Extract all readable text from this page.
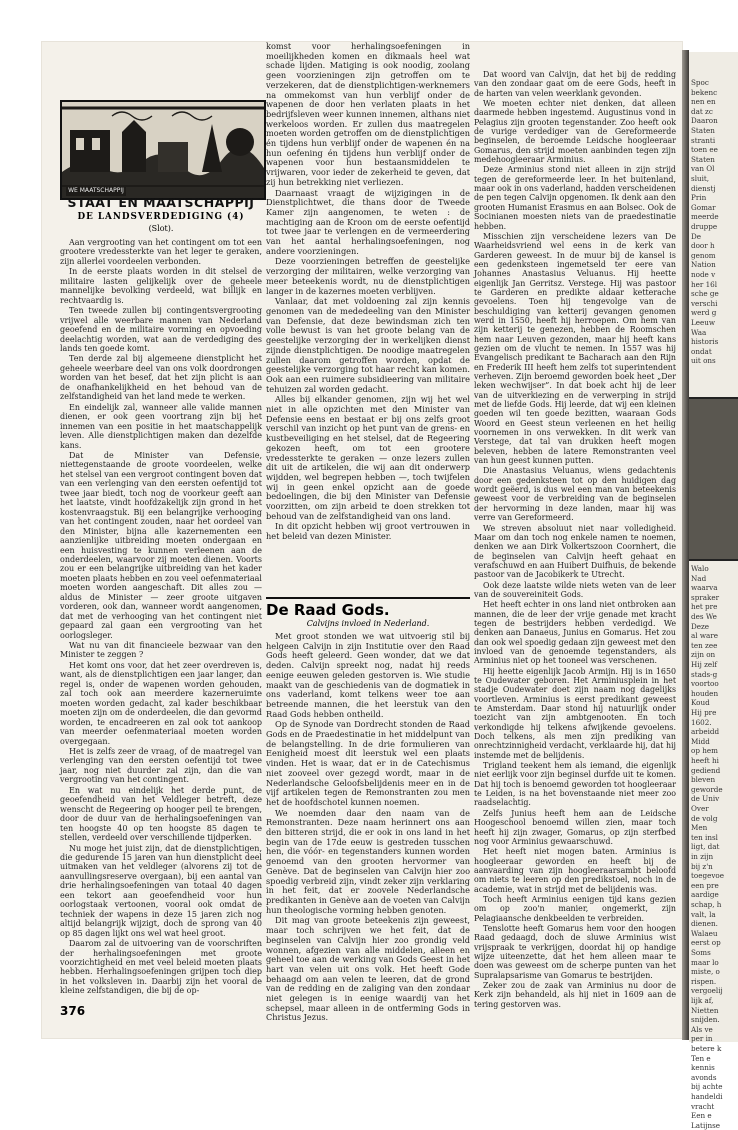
WE MAATSCHAPPIJ
STAAT EN MAATSCHAPPIJ
DE LANDSVERDEDIGING (4)
(Slot).

Aan vergrooting van het contingent om tot een grootere vredessterkte van het leger te geraken, zijn allerlei voordeelen verbonden.

In de eerste plaats worden in dit stelsel de militaire lasten gelijkelijk over de geheele mannelijke bevolking verdeeld, wat billijk en rechtvaardig is.

Ten tweede zullen bij contingentsvergrooting vrijwel alle weerbare mannen van Nederland geoefend en de militaire vorming en opvoeding deelachtig worden, wat aan de verdediging des lands ten goede komt.

Ten derde zal bij algemeene dienstplicht het geheele weerbare deel van ons volk doordrongen worden van het besef, dat het zijn plicht is aan de onafhankelijkheid en het behoud van de zelfstandigheid van het land mede te werken.

En eindelijk zal, wanneer alle valide mannen dienen, er ook geen voortrang zijn bij het innemen van een positie in het maatschappelijk leven. Alle dienstplichtigen maken dan dezelfde kans.

Dat de Minister van Defensie, niettegenstaande de groote voordeelen, welke het stelsel van een vergroot contingent boven dat van een verlenging van den eersten oefentijd tot twee jaar biedt, toch nog de voorkeur geeft aan het laatste, vindt hoofdzakelijk zijn grond in het kostenvraagstuk. Bij een belangrijke verhooging van het contingent zouden, naar het oordeel van den Minister, bijna alle kazernementen een aanzienlijke uitbreiding moeten ondergaan en een huisvesting te kunnen verleenen aan de onderdeelen, waarvoor zij moeten dienen. Voorts zou er een belangrijke uitbreiding van het kader moeten plaats hebben en zou veel oefenmateriaal moeten worden aangeschaft. Dit alles zou — aldus de Minister — zeer groote uitgaven vorderen, ook dan, wanneer wordt aangenomen, dat met de verhooging van het contingent niet gepaard zal gaan een vergrooting van het oorlogsleger.

Wat nu van dit financieele bezwaar van den Minister te zeggen ?

Het komt ons voor, dat het zeer overdreven is, want, als de dienstplichtigen een jaar langer, dan regel is, onder de wapenen worden gehouden, zal toch ook aan meerdere kazerneruimte moeten worden gedacht, zal kader beschikbaar moeten zijn om de onderdeelen, die dan gevormd worden, te encadreeren en zal ook tot aankoop van meerder oefenmateriaal moeten worden overgegaan.

Het is zelfs zeer de vraag, of de maatregel van verlenging van den eersten oefentijd tot twee jaar, nog niet duurder zal zijn, dan die van vergrooting van het contingent.

En wat nu eindelijk het derde punt, de geoefendheid van het Veldleger betreft, deze wenscht de Regeering op hooger peil te brengen, door de duur van de herhalingsoefeningen van ten hoogste 40 op ten hoogste 85 dagen te stellen, verdeeld over verschillende tijdperken.

Nu moge het juist zijn, dat de dienstplichtigen, die gedurende 15 jaren van hun dienstplicht deel uitmaken van het veldleger (alvorens zij tot de aanvullingsreserve overgaan), bij een aantal van drie herhalingsoefeningen van totaal 40 dagen een tekort aan geoefendheid voor hun oorlogstaak vertoonen, vooral ook omdat de techniek der wapens in deze 15 jaren zich nog altijd belangrijk wijzigt, doch de sprong van 40 op 85 dagen lijkt ons wel wat heel groot.

Daarom zal de uitvoering van de voorschriften der herhalingsoefeningen met groote voorzichtigheid en met veel beleid moeten plaats hebben. Herhalingsoefeningen grijpen toch diep in het volksleven in. Daarbij zijn het vooral de kleine zelfstandigen, die bij de op-

komst voor herhalingsoefeningen in moeilijkheden komen en dikmaals heel wat schade lijden. Matiging is ook noodig, zoolang geen voorzieningen zijn getroffen om te verzekeren, dat de dienstplichtigen-werknemers na ommekomst van hun verblijf onder de wapenen de door hen verlaten plaats in het bedrijfsleven weer kunnen innemen, althans niet werkeloos worden. Er zullen dus maatregelen moeten worden getroffen om de dienstplichtigen én tijdens hun verblijf onder de wapenen én na hun oefening én tijdens hun verblijf onder de wapenen voor hun bestaansmiddelen te vrijwaren, voor ieder de zekerheid te geven, dat zij hun betrekking niet verliezen.

Daarnaast vraagt de wijzigingen in de Dienstplichtwet, die thans door de Tweede Kamer zijn aangenomen, te weten : de machtiging aan de Kroon om de eerste oefentijd tot twee jaar te verlengen en de vermeerdering van het aantal herhalingsoefeningen, nog andere voorzieningen.

Deze voorzieningen betreffen de geestelijke verzorging der militairen, welke verzorging van meer beteekenis wordt, nu de dienstplichtigen langer in de kazernes moeten verblijven.

Vanlaar, dat met voldoening zal zijn kennis genomen van de mededeeling van den Minister van Defensie, dat deze bewindsman zich ten volle bewust is van het groote belang van de geestelijke verzorging der in werkelijken dienst zijnde dienstplichtigen. De noodige maatregelen zullen daarom getroffen worden, opdat de geestelijke verzorging tot haar recht kan komen. Ook aan een ruimere subsidieering van militaire tehuizen zal worden gedacht.

Alles bij elkander genomen, zijn wij het wel niet in alle opzichten met den Minister van Defensie eens en bestaat er bij ons zelfs groot verschil van inzicht op het punt van de grens- en kustbeveiliging en het stelsel, dat de Regeering gekozen heeft, om tot een grootere vredessterkte te geraken — onze lezers zullen dit uit de artikelen, die wij aan dit onderwerp wijdden, wel begrepen hebben —, toch twijfelen wij in geen enkel opzicht aan de goede bedoelingen, die bij den Minister van Defensie voorzitten, om zijn arbeid te doen strekken tot behoud van de zelfstandigheid van ons land.

In dit opzicht hebben wij groot vertrouwen in het beleid van dezen Minister.

De Raad Gods.
Calvijns invloed in Nederland.

Met groot stonden we wat uitvoerig stil bij helgeen Calvijn in zijn Institutie over den Raad Gods heeft geleerd. Geen wonder, dat we dat deden. Calvijn spreekt nog, nadat hij reeds eenige eeuwen geleden gestorven is. Wie studie maakt van de geschiedenis van de dogmatiek in ons vaderland, komt telkens weer toe aan betreende mannen, die het leerstuk van den Raad Gods hebben ontheild.

Op de Synode van Dordrecht stonden de Raad Gods en de Praedestinatie in het middelpunt van de belangstelling. In de drie formulieren van Eenigheid moest dit leerstuk wel een plaats vinden. Het is waar, dat er in de Catechismus niet zooveel over gezegd wordt, maar in de Nederlandsche Geloofsbelijdenis meer en in de vijf artikelen tegen de Remonstranten zou men het de hoofdschotel kunnen noemen.

We noemden daar den naam van de Remonstranten. Deze naam herinnert ons aan den bitteren strijd, die er ook in ons land in het begin van de 17de eeuw is gestreden tusschen hen, die vóór- en tegenstanders kunnen worden genoemd van den grooten hervormer van Genève. Dat de beginselen van Calvijn hier zoo spoedig verbreid zijn, vindt zeker zijn verklaring in het feit, dat er zoovele Nederlandsche predikanten in Genève aan de voeten van Calvijn hun theologische vorming hebben genoten.

Dit mag van groote beteekenis zijn geweest, maar toch schrijven we het feit, dat de beginselen van Calvijn hier zoo grondig veld wonnen, afgezien van alle middelen, alleen en geheel toe aan de werking van Gods Geest in het hart van velen uit ons volk. Het heeft Gode behaagd om aan velen te leeren, dat de grond van de redding en de zaliging van den zondaar niet gelegen is in eenige waardij van het schepsel, maar alleen in de ontferming Gods in Christus Jezus.

Dat woord van Calvijn, dat het bij de redding van den zondaar gaat om de eere Gods, heeft in de harten van velen weerklank gevonden.

We moeten echter niet denken, dat alleen daarmede hebben ingestemd. Augustinus vond in Pelagius zijn grooten tegenstander. Zoo heeft ook de vurige verdediger van de Gereformeerde beginselen, de beroemde Leidsche hoogleeraar Gomarus, den strijd moeten aanbinden tegen zijn medehoogleeraar Arminius.

Deze Arminius stond niet alleen in zijn strijd tegen de gereformeerde leer. In het buitenland, maar ook in ons vaderland, hadden verscheidenen de pen tegen Calvijn opgenomen. Ik denk aan den grooten Humanist Erasmus en aan Bolsec. Ook de Socinianen moesten niets van de praedestinatie hebben.

Misschien zijn verscheidene lezers van De Waarheidsvriend wel eens in de kerk van Garderen geweest. In de muur bij de kansel is een gedenksteen ingemetseld ter eere van Johannes Anastasius Veluanus. Hij heette eigenlijk Jan Gerritsz. Verstege. Hij was pastoor te Garderen en predikte aldaar ketterache gevoelens. Toen hij tengevolge van de beschuldiging van ketterij gevangen genomen werd in 1550, heeft hij herroepen. Om hem van zijn ketterij te genezen, hebben de Roomschen hem naar Leuven gezonden, maar hij heeft kans gezien om de vlucht te nemen. In 1557 was hij Evangelisch predikant te Bacharach aan den Rijn en Frederik III heeft hem zelfs tot superintendent verheven. Zijn beroemd geworden boek heet „Der leken wechwijser”. In dat boek acht hij de leer van de uitverkiezing en de verwerping in strijd met de liefde Gods. Hij leerde, dat wij een kleinen goeden wil ten goede bezitten, waaraan Gods Woord en Geest steun verleenen en het heilig voornemen in ons verwekken. In dit werk van Verstege, dat tal van drukken heeft mogen beleven, hebben de latere Remonstranten veel van hun geest kunnen putten.

Die Anastasius Veluanus, wiens gedachtenis door een gedenksteen tot op den huidigen dag wordt geëerd, is dus wel een man van beteekenis geweest voor de verbreiding van de beginselen der hervorming in deze landen, maar hij was verre van Gereformeerd.

We streven absoluut niet naar volledigheid. Maar om dan toch nog enkele namen te noemen, denken we aan Dirk Volkertszoon Coornhert, die de beginselen van Calvijn heeft gehaat en verafschuwd en aan Huibert Duifhuis, de bekende pastoor van de Jacobikerk te Utrecht.

Ook deze laatste wilde niets weten van de leer van de souvereiniteit Gods.

Het heeft echter in ons land niet ontbroken aan mannen, die de leer der vrije genade met kracht tegen de bestrijders hebben verdedigd. We denken aan Danaeus, Junius en Gomarus. Het zou dan ook wel spoedig gedaan zijn geweest met den invloed van de genoemde tegenstanders, als Arminius niet op het tooneel was verschenen.

Hij heette eigenlijk Jacob Armijn. Hij is in 1650 te Oudewater geboren. Het Arminiusplein in het stadje Oudewater doet zijn naam nog dagelijks voortleven. Arminius is eerst predikant geweest te Amsterdam. Daar stond hij natuurlijk onder toezicht van zijn ambtgenooten. En toch verkondigde hij telkens afwijkende gevoelens. Doch telkens, als men zijn prediking van onrechtzinnigheid verdacht, verklaarde hij, dat hij instemde met de belijdenis.

Trigland teekent hem als iemand, die eigenlijk niet eerlijk voor zijn beginsel durfde uit te komen. Dat hij toch is benoemd geworden tot hoogleeraar te Leiden, is na het bovenstaande niet meer zoo raadselachtig.

Zelfs Junius heeft hem aan de Leidsche Hoogeschool benoemd willen zien, maar toch heeft hij zijn zwager, Gomarus, op zijn sterfbed nog voor Arminius gewaarschuwd.

Het heeft niet mogen baten. Arminius is hoogleeraar geworden en heeft bij de aanvaarding van zijn hoogleeraarsambt beloofd om niets te leeren op den predikstoel, noch in de academie, wat in strijd met de belijdenis was.

Toch heeft Arminius eenigen tijd kans gezien om op zoo'n manier, ongemerkt, zijn Pelagiaansche denkbeelden te verbreiden.

Tenslotte heeft Gomarus hem voor den hoogen Raad gedaagd, doch de sluwe Arminius wist vrijspraak te verkrijgen, doordat hij op handige wijze uiteenzette, dat het hem alleen maar te doen was geweest om de scherpe punten van het Supralapsarisme van Gomarus te bestrijden.

Zeker zou de zaak van Arminius nu door de Kerk zijn behandeld, als hij niet in 1609 aan de tering gestorven was.

376
Spoc
bekenc
nen en
dat zc
Daaron
Staten
stranti
toen ee
Staten
van Ol
sluit,
dienstj
Prin
Gomar
meerde
druppe
De
door h
genom
Nation
node v
her 16l
sche ge
verschi
werd g
Leeuw
Waa
historis
ondat
uit ons
Walo
Nad
waarva
spraker
het pre
des We
Deze
al ware
ten zee
zijn on
Hij zelf
stads-g
voortoo
houden
Koud
Hij pre
1602.
arbeidd
Midd
op hem
heeft hi
gediend
bleven
geworde
de Univ
Over
de volg
Men
ten insl
ligt, dat
in zijn
bij z'n
toegevoe
een pre
aardige
schap, h
valt, la
dienen.
Walaeu
eerst op
Soms
maar lo
miste, o
rispen.
vergoelij
lijk af,
Nietten
snijden.
Als ve
per in
betere k
Ten e
kennis
avonds
bij achte
handeldi
vracht
Een e
Latijnse
